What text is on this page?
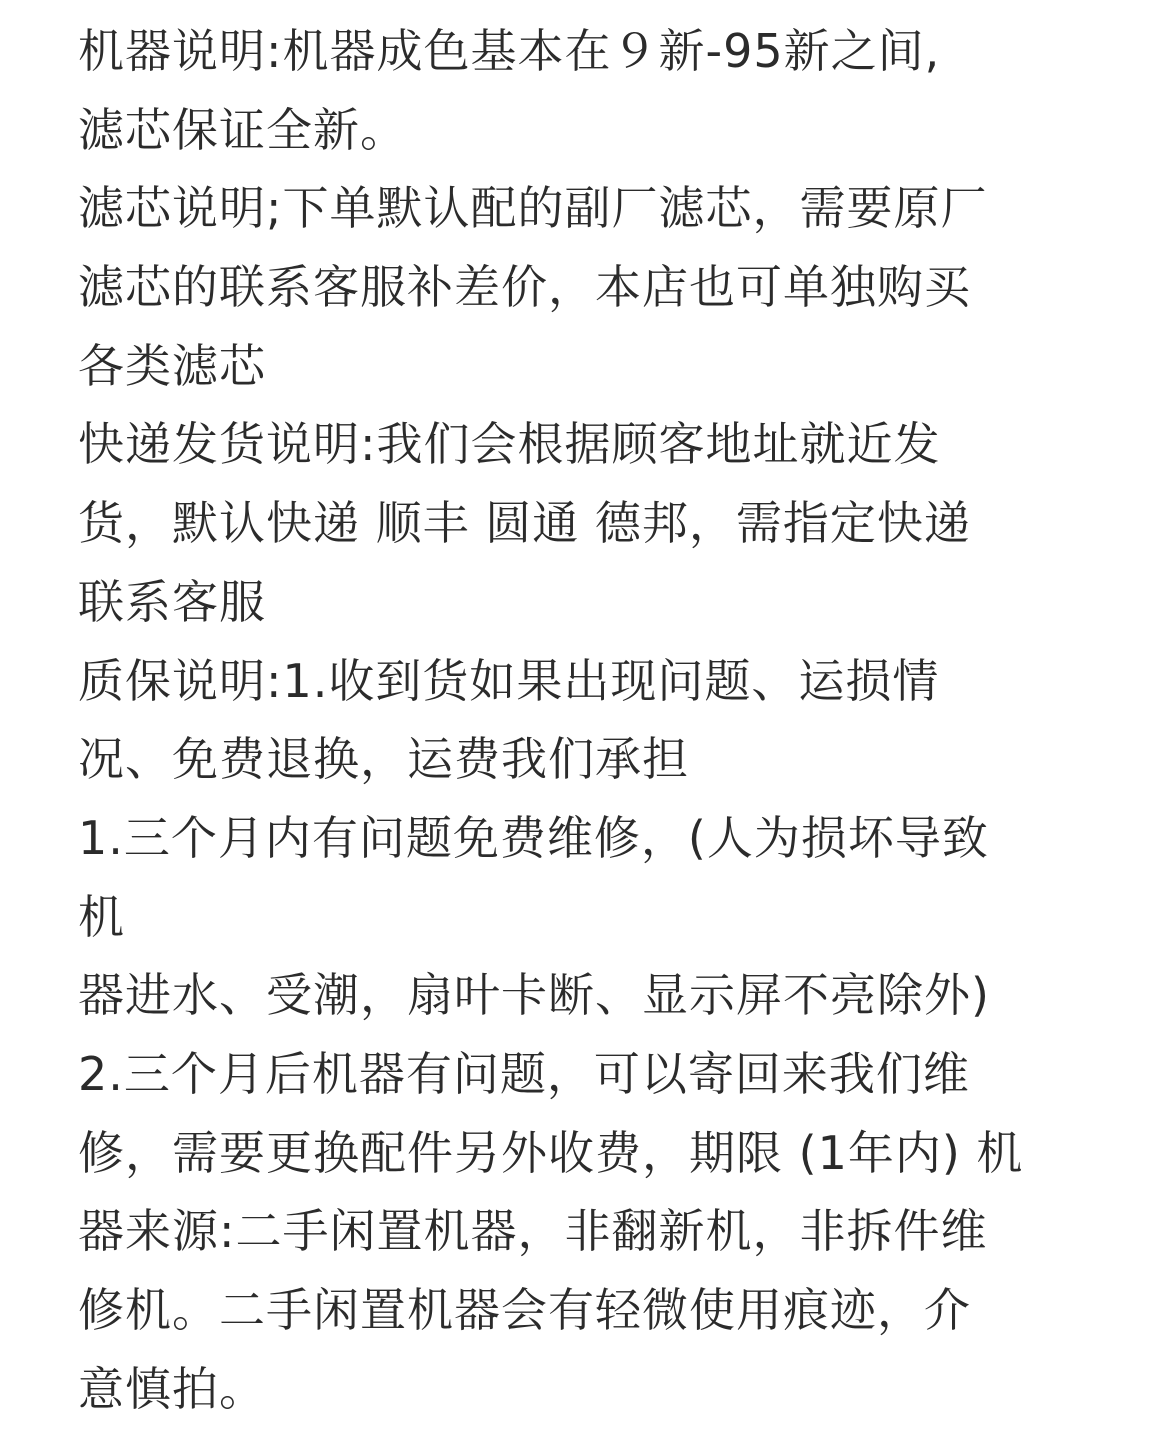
机器说明:机器成色基本在９新-95新之间,
滤芯保证全新。
滤芯说明;下单默认配的副厂滤芯，需要原厂
滤芯的联系客服补差价，本店也可单独购买
各类滤芯
快递发货说明:我们会根据顾客地址就近发
货，默认快递 顺丰 圆通 德邦，需指定快递
联系客服
质保说明:1.收到货如果出现问题、运损情
况、免费退换，运费我们承担
1.三个月内有问题免费维修，(人为损坏导致
机
器进水、受潮，扇叶卡断、显示屏不亮除外)
2.三个月后机器有问题，可以寄回来我们维
修，需要更换配件另外收费，期限 (1年内) 机
器来源:二手闲置机器，非翻新机，非拆件维
修机。二手闲置机器会有轻微使用痕迹，介
意慎拍。
